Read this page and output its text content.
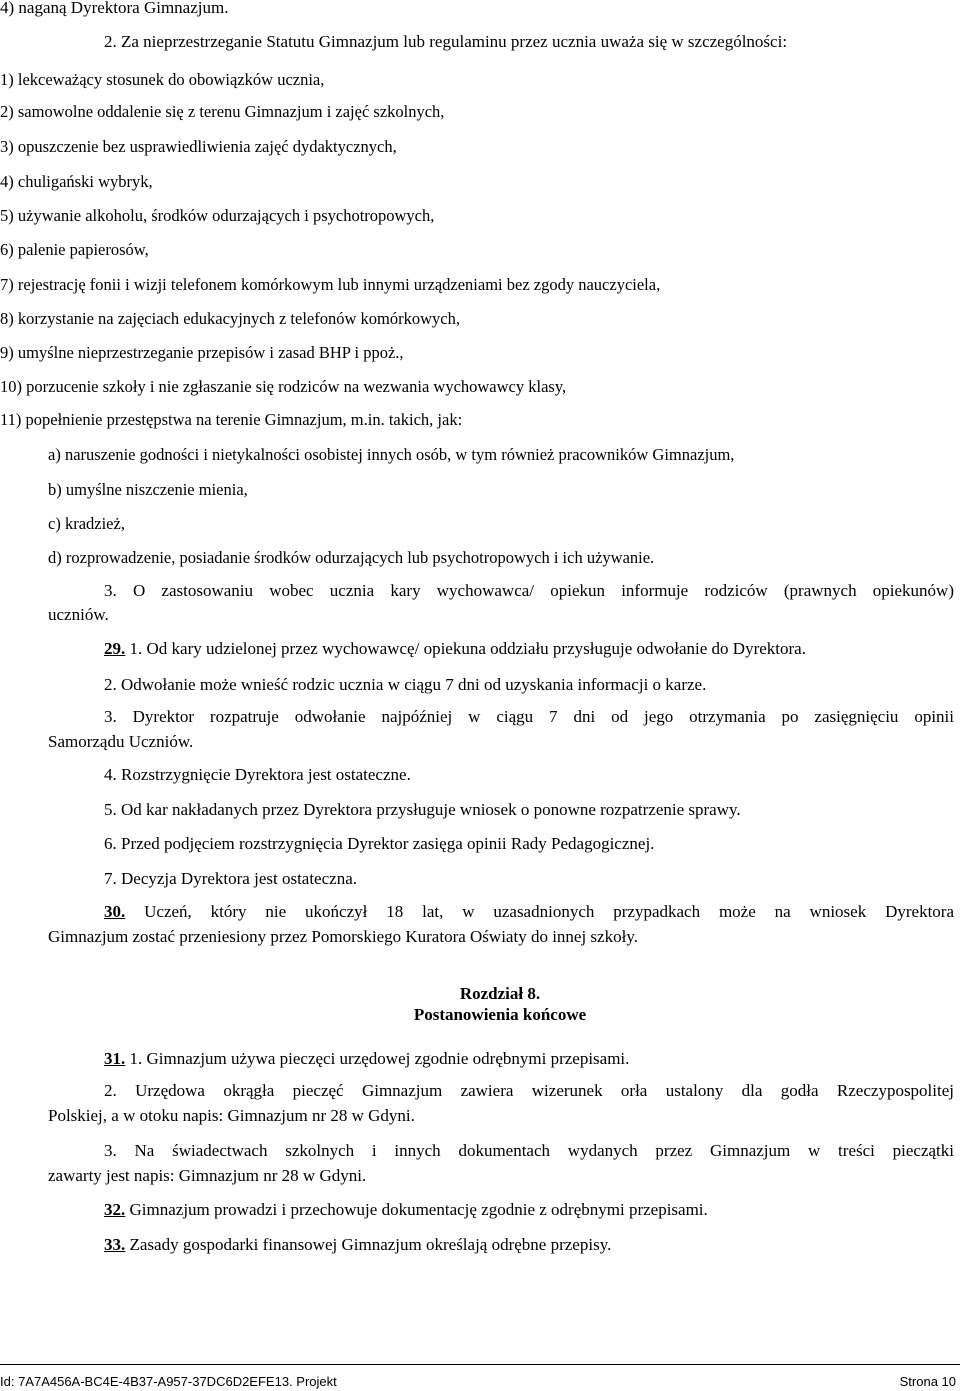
4) naganą Dyrektora Gimnazjum.
2. Za nieprzestrzeganie Statutu Gimnazjum lub regulaminu przez ucznia uważa się w szczególności:
1) lekceważący stosunek do obowiązków ucznia,
2) samowolne oddalenie się z terenu Gimnazjum i zajęć szkolnych,
3) opuszczenie bez usprawiedliwienia zajęć dydaktycznych,
4) chuligański wybryk,
5) używanie alkoholu, środków odurzających i psychotropowych,
6) palenie papierosów,
7) rejestrację fonii i wizji telefonem komórkowym lub innymi urządzeniami bez zgody nauczyciela,
8) korzystanie na zajęciach edukacyjnych z telefonów komórkowych,
9) umyślne nieprzestrzeganie przepisów i zasad BHP i ppoż.,
10) porzucenie szkoły i nie zgłaszanie się rodziców na wezwania wychowawcy klasy,
11) popełnienie przestępstwa na terenie Gimnazjum, m.in. takich, jak:
a) naruszenie godności i nietykalności osobistej innych osób, w tym również pracowników Gimnazjum,
b) umyślne niszczenie mienia,
c) kradzież,
d) rozprowadzenie, posiadanie środków odurzających lub psychotropowych i ich używanie.
3. O zastosowaniu wobec ucznia kary wychowawca/ opiekun informuje rodziców (prawnych opiekunów)
uczniów.
29. 1. Od kary udzielonej przez wychowawcę/ opiekuna oddziału przysługuje odwołanie do Dyrektora.
2. Odwołanie może wnieść rodzic ucznia w ciągu 7 dni od uzyskania informacji o karze.
3. Dyrektor rozpatruje odwołanie najpóźniej w ciągu 7 dni od jego otrzymania po zasięgnięciu opinii
Samorządu Uczniów.
4. Rozstrzygnięcie Dyrektora jest ostateczne.
5. Od kar nakładanych przez Dyrektora przysługuje wniosek o ponowne rozpatrzenie sprawy.
6. Przed podjęciem rozstrzygnięcia Dyrektor zasięga opinii Rady Pedagogicznej.
7. Decyzja Dyrektora jest ostateczna.
30. Uczeń, który nie ukończył 18 lat, w uzasadnionych przypadkach może na wniosek Dyrektora
Gimnazjum zostać przeniesiony przez Pomorskiego Kuratora Oświaty do innej szkoły.
Rozdział 8.
Postanowienia końcowe
31. 1. Gimnazjum używa pieczęci urzędowej zgodnie odrębnymi przepisami.
2. Urzędowa okrągła pieczęć Gimnazjum zawiera wizerunek orła ustalony dla godła Rzeczypospolitej
Polskiej, a w otoku napis: Gimnazjum nr 28 w Gdyni.
3. Na świadectwach szkolnych i innych dokumentach wydanych przez Gimnazjum w treści pieczątki
zawarty jest napis: Gimnazjum nr 28 w Gdyni.
32. Gimnazjum prowadzi i przechowuje dokumentację zgodnie z odrębnymi przepisami.
33. Zasady gospodarki finansowej Gimnazjum określają odrębne przepisy.
Id: 7A7A456A-BC4E-4B37-A957-37DC6D2EFE13. Projekt	Strona 10
